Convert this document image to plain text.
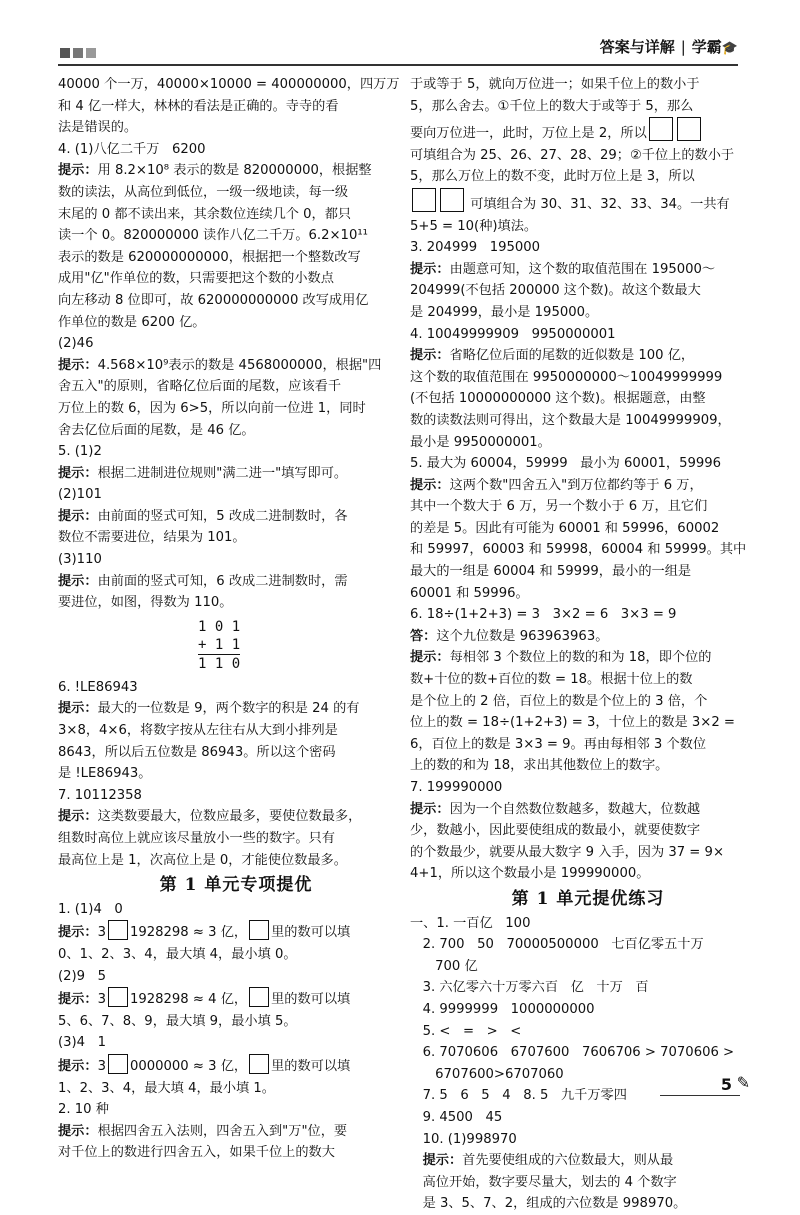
答案与详解 | 学霸🎓

40000 个一万，40000×10000 = 400000000，四万万

和 4 亿一样大，林林的看法是正确的。寺寺的看

法是错误的。

4. (1)八亿二千万   6200

提示：用 8.2×10⁸ 表示的数是 820000000，根据整

数的读法，从高位到低位，一级一级地读，每一级

末尾的 0 都不读出来，其余数位连续几个 0，都只

读一个 0。820000000 读作八亿二千万。6.2×10¹¹

表示的数是 620000000000，根据把一个整数改写

成用"亿"作单位的数，只需要把这个数的小数点

向左移动 8 位即可，故 620000000000 改写成用亿

作单位的数是 6200 亿。

(2)46

提示：4.568×10⁹表示的数是 4568000000，根据"四

舍五入"的原则，省略亿位后面的尾数，应该看千

万位上的数 6，因为 6>5，所以向前一位进 1，同时

舍去亿位后面的尾数，是 46 亿。

5. (1)2

提示：根据二进制进位规则"满二进一"填写即可。

(2)101

提示：由前面的竖式可知，5 改成二进制数时，各

数位不需要进位，结果为 101。

(3)110

提示：由前面的竖式可知，6 改成二进制数时，需

要进位，如图，得数为 110。

1 0 1
+ 1 1
1 1 0

6. !LE86943

提示：最大的一位数是 9，两个数字的积是 24 的有

3×8，4×6，将数字按从左往右从大到小排列是

8643，所以后五位数是 86943。所以这个密码

是 !LE86943。

7. 10112358

提示：这类数要最大，位数应最多，要使位数最多，

组数时高位上就应该尽量放小一些的数字。只有

最高位上是 1，次高位上是 0，才能使位数最多。

第 1 单元专项提优

1. (1)4   0

提示：3 1928298 ≈ 3 亿， 里的数可以填

0、1、2、3、4，最大填 4，最小填 0。

(2)9   5

提示：3 1928298 ≈ 4 亿， 里的数可以填

5、6、7、8、9，最大填 9，最小填 5。

(3)4   1

提示：3 0000000 ≈ 3 亿， 里的数可以填

1、2、3、4，最大填 4，最小填 1。

2. 10 种

提示：根据四舍五入法则，四舍五入到"万"位，要

对千位上的数进行四舍五入，如果千位上的数大

于或等于 5，就向万位进一；如果千位上的数小于

5，那么舍去。①千位上的数大于或等于 5，那么

要向万位进一，此时，万位上是 2，所以

可填组合为 25、26、27、28、29；②千位上的数小于

5，那么万位上的数不变，此时万位上是 3，所以

可填组合为 30、31、32、33、34。一共有

5+5 = 10(种)填法。

3. 204999   195000

提示：由题意可知，这个数的取值范围在 195000～

204999(不包括 200000 这个数)。故这个数最大

是 204999，最小是 195000。

4. 10049999909   9950000001

提示：省略亿位后面的尾数的近似数是 100 亿，

这个数的取值范围在 9950000000～10049999999

(不包括 10000000000 这个数)。根据题意，由整

数的读数法则可得出，这个数最大是 10049999909，

最小是 9950000001。

5. 最大为 60004，59999   最小为 60001，59996

提示：这两个数"四舍五入"到万位都约等于 6 万，

其中一个数大于 6 万，另一个数小于 6 万，且它们

的差是 5。因此有可能为 60001 和 59996，60002

和 59997，60003 和 59998，60004 和 59999。其中

最大的一组是 60004 和 59999，最小的一组是

60001 和 59996。

6. 18÷(1+2+3) = 3   3×2 = 6   3×3 = 9

答：这个九位数是 963963963。

提示：每相邻 3 个数位上的数的和为 18，即个位的

数+十位的数+百位的数 = 18。根据十位上的数

是个位上的 2 倍，百位上的数是个位上的 3 倍，个

位上的数 = 18÷(1+2+3) = 3，十位上的数是 3×2 =

6，百位上的数是 3×3 = 9。再由每相邻 3 个数位

上的数的和为 18，求出其他数位上的数字。

7. 199990000

提示：因为一个自然数位数越多，数越大，位数越

少，数越小，因此要使组成的数最小，就要使数字

的个数最少，就要从最大数字 9 入手，因为 37 = 9×

4+1，所以这个数最小是 199990000。

第 1 单元提优练习

一、1. 一百亿   100

2. 700   50   70000500000   七百亿零五十万

700 亿

3. 六亿零六十万零六百   亿   十万   百

4. 9999999   1000000000

5. <   =   >   <

6. 7070606   6707600   7606706 > 7070606 >

6707600>6707060

7. 5   6   5   4   8. 5   九千万零四

9. 4500   45

10. (1)998970

提示：首先要使组成的六位数最大，则从最

高位开始，数字要尽量大，划去的 4 个数字

是 3、5、7、2，组成的六位数是 998970。

5 ✎
